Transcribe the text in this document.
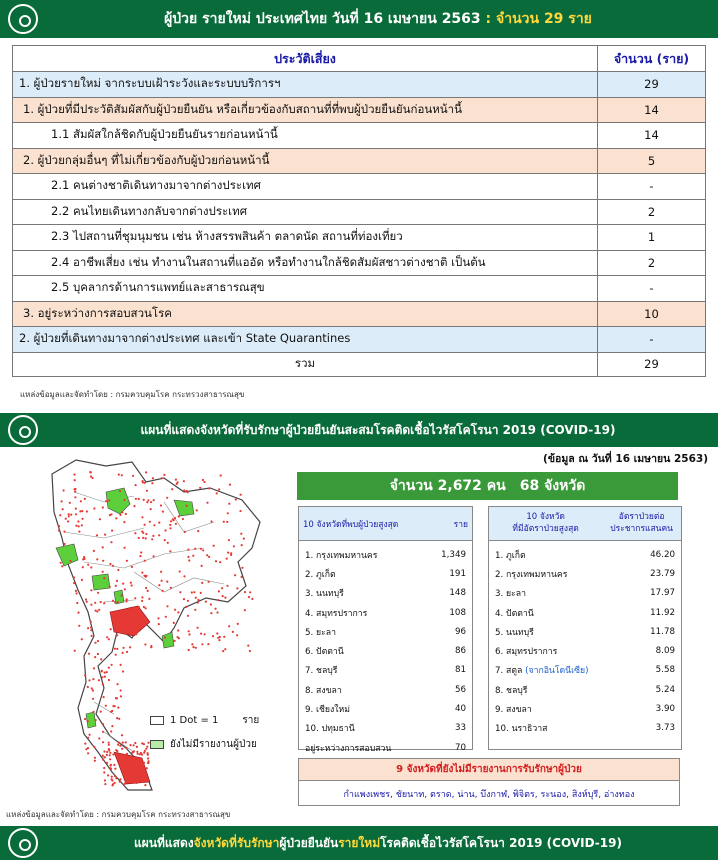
ผู้ป่วย รายใหม่ ประเทศไทย วันที่ 16 เมษายน 2563 : จำนวน 29 ราย
ประวัติเสี่ยง	จำนวน (ราย)
1. ผู้ป่วยรายใหม่ จากระบบเฝ้าระวังและระบบบริการฯ	29
1. ผู้ป่วยที่มีประวัติสัมผัสกับผู้ป่วยยืนยัน หรือเกี่ยวข้องกับสถานที่ที่พบผู้ป่วยยืนยันก่อนหน้านี้	14
1.1 สัมผัสใกล้ชิดกับผู้ป่วยยืนยันรายก่อนหน้านี้	14
2. ผู้ป่วยกลุ่มอื่นๆ ที่ไม่เกี่ยวข้องกับผู้ป่วยก่อนหน้านี้	5
2.1 คนต่างชาติเดินทางมาจากต่างประเทศ	-
2.2 คนไทยเดินทางกลับจากต่างประเทศ	2
2.3 ไปสถานที่ชุมนุมชน เช่น ห้างสรรพสินค้า ตลาดนัด สถานที่ท่องเที่ยว	1
2.4 อาชีพเสี่ยง เช่น ทำงานในสถานที่แออัด หรือทำงานใกล้ชิดสัมผัสชาวต่างชาติ เป็นต้น	2
2.5 บุคลากรด้านการแพทย์และสาธารณสุข	-
3. อยู่ระหว่างการสอบสวนโรค	10
2. ผู้ป่วยที่เดินทางมาจากต่างประเทศ และเข้า State Quarantines	-
รวม	29
แหล่งข้อมูลและจัดทำโดย : กรมควบคุมโรค กระทรวงสาธารณสุข
แผนที่แสดงจังหวัดที่รับรักษาผู้ป่วยยืนยันสะสมโรคติดเชื้อไวรัสโคโรนา 2019 (COVID-19)
(ข้อมูล ณ วันที่ 16 เมษายน 2563)
1 Dot = 1 ราย
ยังไม่มีรายงานผู้ป่วย
แหล่งข้อมูลและจัดทำโดย : กรมควบคุมโรค กระทรวงสาธารณสุข
จำนวน 2,672 คน 68 จังหวัด
10 จังหวัดที่พบผู้ป่วยสูงสุด	ราย
1. กรุงเทพมหานคร	1,349
2. ภูเก็ต	191
3. นนทบุรี	148
4. สมุทรปราการ	108
5. ยะลา	96
6. ปัตตานี	86
7. ชลบุรี	81
8. สงขลา	56
9. เชียงใหม่	40
10. ปทุมธานี	33
อยู่ระหว่างการสอบสวน	70
10 จังหวัด
ที่มีอัตราป่วยสูงสุด
อัตราป่วยต่อ
ประชากรแสนคน
1. ภูเก็ต	46.20
2. กรุงเทพมหานคร	23.79
3. ยะลา	17.97
4. ปัตตานี	11.92
5. นนทบุรี	11.78
6. สมุทรปราการ	8.09
7. สตูล (จากอินโดนีเซีย)	5.58
8. ชลบุรี	5.24
9. สงขลา	3.90
10. นราธิวาส	3.73
9 จังหวัดที่ยังไม่มีรายงานการรับรักษาผู้ป่วย
กำแพงเพชร, ชัยนาท, ตราด, น่าน, บึงกาฬ, พิจิตร, ระนอง, สิงห์บุรี, อ่างทอง
แผนที่แสดงจังหวัดที่รับรักษาผู้ป่วยยืนยันรายใหม่โรคติดเชื้อไวรัสโคโรนา 2019 (COVID-19)
